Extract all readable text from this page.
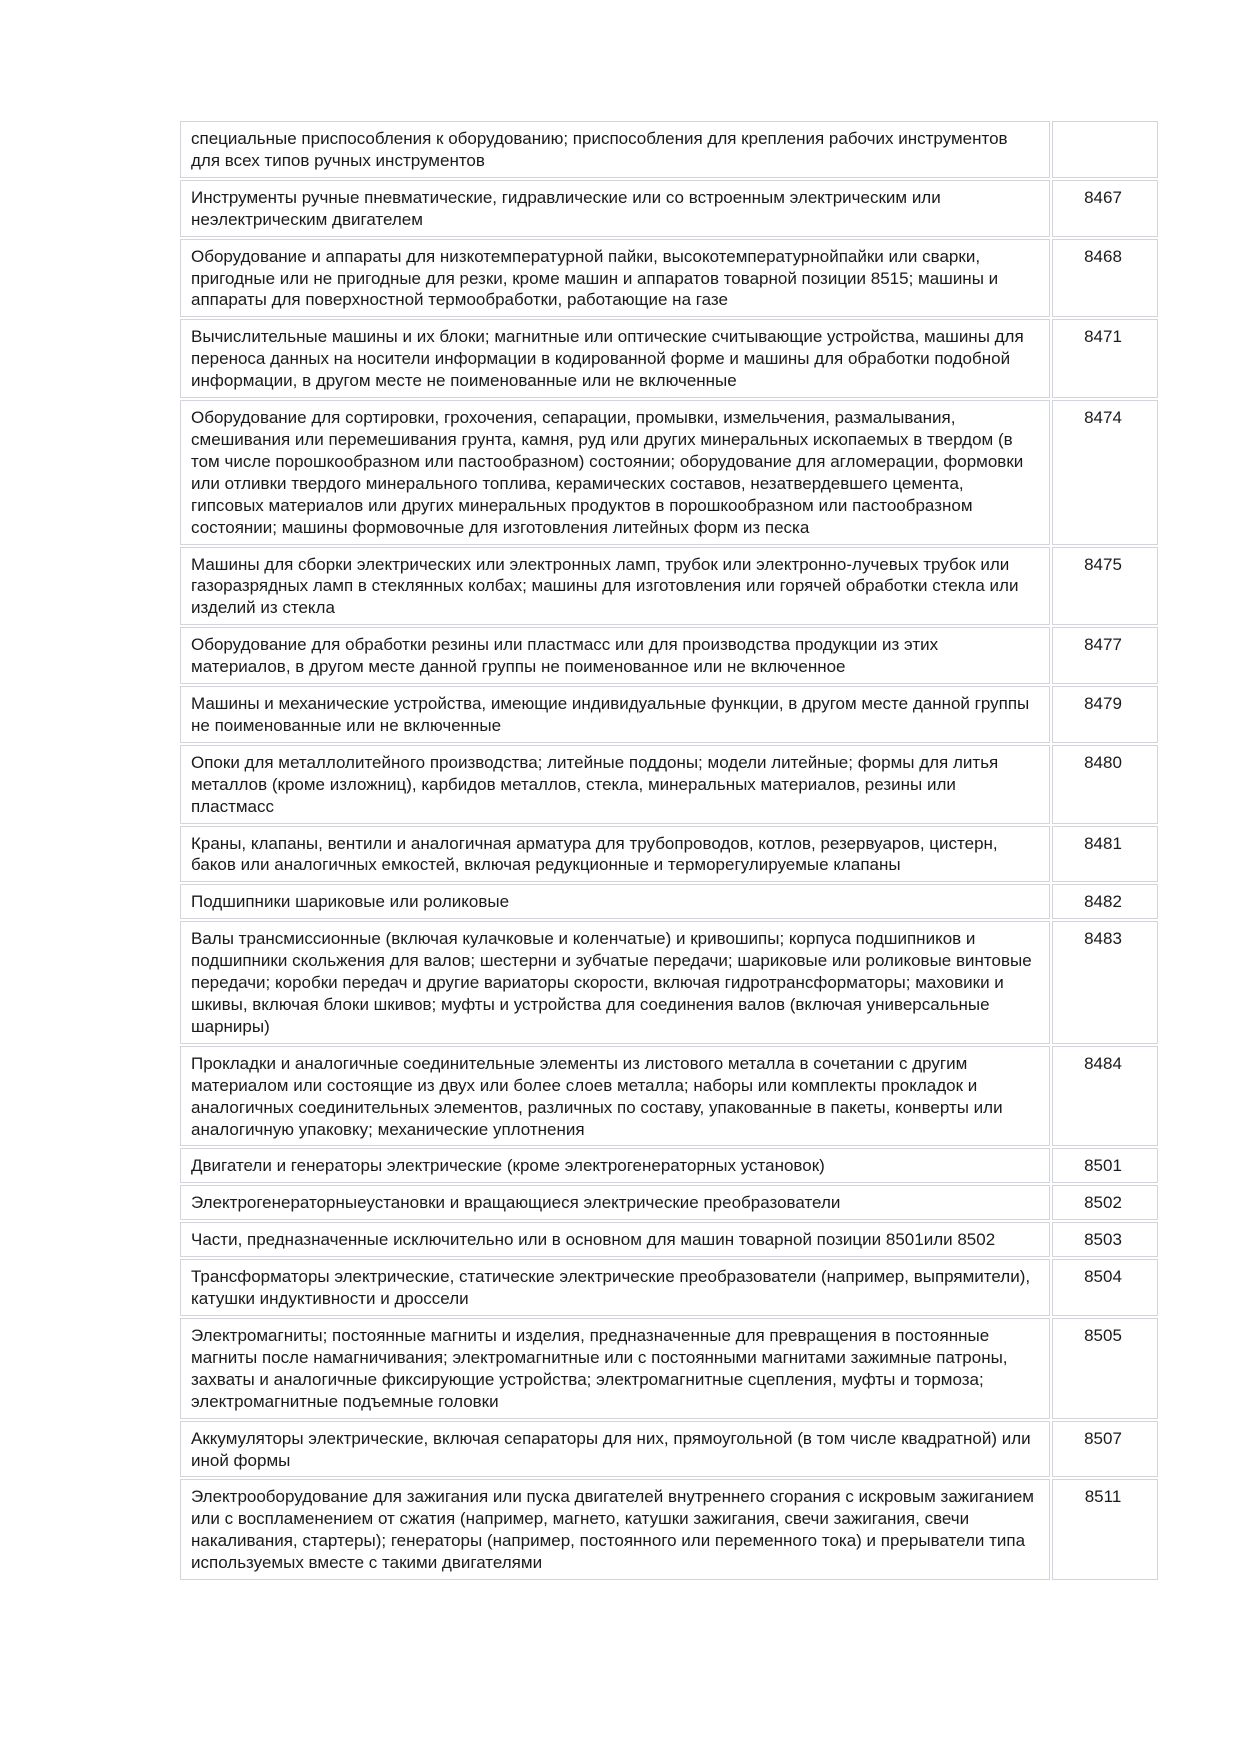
специальные приспособления к оборудованию; приспособления для крепления рабочих инструментов для всех типов ручных инструментов	
Инструменты ручные пневматические, гидравлические или со встроенным электрическим или неэлектрическим двигателем	8467
Оборудование и аппараты для низкотемпературной пайки, высокотемпературнойпайки или сварки, пригодные или не пригодные для резки, кроме машин и аппаратов товарной позиции 8515; машины и аппараты для поверхностной термообработки, работающие на газе	8468
Вычислительные машины и их блоки; магнитные или оптические считывающие устройства, машины для переноса данных на носители информации в кодированной форме и машины для обработки подобной информации, в другом месте не поименованные или не включенные	8471
Оборудование для сортировки, грохочения, сепарации, промывки, измельчения, размалывания, смешивания или перемешивания грунта, камня, руд или других минеральных ископаемых в твердом (в том числе порошкообразном или пастообразном) состоянии; оборудование для агломерации, формовки или отливки твердого минерального топлива, керамических составов, незатвердевшего цемента, гипсовых материалов или других минеральных продуктов в порошкообразном или пастообразном состоянии; машины формовочные для изготовления литейных форм из песка	8474
Машины для сборки электрических или электронных ламп, трубок или электронно-лучевых трубок или газоразрядных ламп в стеклянных колбах; машины для изготовления или горячей обработки стекла или изделий из стекла	8475
Оборудование для обработки резины или пластмасс или для производства продукции из этих материалов, в другом месте данной группы не поименованное или не включенное	8477
Машины и механические устройства, имеющие индивидуальные функции, в другом месте данной группы не поименованные или не включенные	8479
Опоки для металлолитейного производства; литейные поддоны; модели литейные; формы для литья металлов (кроме изложниц), карбидов металлов, стекла, минеральных материалов, резины или пластмасс	8480
Краны, клапаны, вентили и аналогичная арматура для трубопроводов, котлов, резервуаров, цистерн, баков или аналогичных емкостей, включая редукционные и терморегулируемые клапаны	8481
Подшипники шариковые или роликовые	8482
Валы трансмиссионные (включая кулачковые и коленчатые) и кривошипы; корпуса подшипников и подшипники скольжения для валов; шестерни и зубчатые передачи; шариковые или роликовые винтовые передачи; коробки передач и другие вариаторы скорости, включая гидротрансформаторы; маховики и шкивы, включая блоки шкивов; муфты и устройства для соединения валов (включая универсальные шарниры)	8483
Прокладки и аналогичные соединительные элементы из листового металла в сочетании с другим материалом или состоящие из двух или более слоев металла; наборы или комплекты прокладок и аналогичных соединительных элементов, различных по составу, упакованные в пакеты, конверты или аналогичную упаковку; механические уплотнения	8484
Двигатели и генераторы электрические (кроме электрогенераторных установок)	8501
Электрогенераторныеустановки и вращающиеся электрические преобразователи	8502
Части, предназначенные исключительно или в основном для машин товарной позиции 8501или 8502	8503
Трансформаторы электрические, статические электрические преобразователи (например, выпрямители), катушки индуктивности и дроссели	8504
Электромагниты; постоянные магниты и изделия, предназначенные для превращения в постоянные магниты после намагничивания; электромагнитные или с постоянными магнитами зажимные патроны, захваты и аналогичные фиксирующие устройства; электромагнитные сцепления, муфты и тормоза; электромагнитные подъемные головки	8505
Аккумуляторы электрические, включая сепараторы для них, прямоугольной (в том числе квадратной) или иной формы	8507
Электрооборудование для зажигания или пуска двигателей внутреннего сгорания с искровым зажиганием или с воспламенением от сжатия (например, магнето, катушки зажигания, свечи зажигания, свечи накаливания, стартеры); генераторы (например, постоянного или переменного тока) и прерыватели типа используемых вместе с такими двигателями	8511
